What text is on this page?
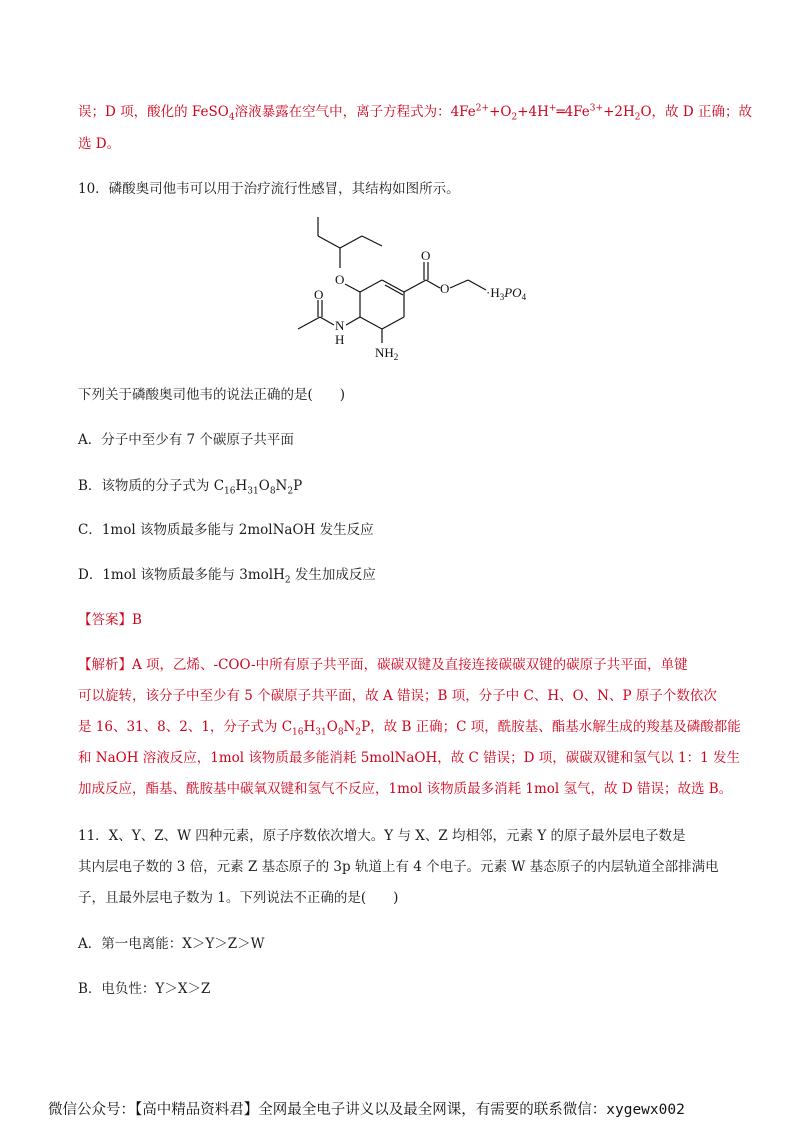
误；D 项，酸化的 FeSO$_4$溶液暴露在空气中，离子方程式为：$4Fe^{2+}+O_2+4H^+═4Fe^{3+}+2H_2O$，故 D 正确；故
选 D。
10．磷酸奥司他韦可以用于治疗流行性感冒，其结构如图所示。
O
O
O
O
N
H
$NH_2$
$\cdot H_3PO_4$
下列关于磷酸奥司他韦的说法正确的是(　　)
A．分子中至少有 7 个碳原子共平面
B．该物质的分子式为 $C_{16}H_{31}O_8N_2P$
C．1mol 该物质最多能与 2molNaOH 发生反应
D．1mol 该物质最多能与 3molH$_2$ 发生加成反应
【答案】B
【解析】A 项，乙烯、-COO-中所有原子共平面，碳碳双键及直接连接碳碳双键的碳原子共平面，单键
可以旋转，该分子中至少有 5 个碳原子共平面，故 A 错误；B 项，分子中 C、H、O、N、P 原子个数依次
是 16、31、8、2、1，分子式为 $C_{16}H_{31}O_8N_2P$，故 B 正确；C 项，酰胺基、酯基水解生成的羧基及磷酸都能
和 NaOH 溶液反应，1mol 该物质最多能消耗 5molNaOH，故 C 错误；D 项，碳碳双键和氢气以 1：1 发生
加成反应，酯基、酰胺基中碳氧双键和氢气不反应，1mol 该物质最多消耗 1mol 氢气，故 D 错误；故选 B。
11．X、Y、Z、W 四种元素，原子序数依次增大。Y 与 X、Z 均相邻，元素 Y 的原子最外层电子数是
其内层电子数的 3 倍，元素 Z 基态原子的 3p 轨道上有 4 个电子。元素 W 基态原子的内层轨道全部排满电
子，且最外层电子数为 1。下列说法不正确的是(　　)
A．第一电离能：X＞Y＞Z＞W
B．电负性：Y＞X＞Z
微信公众号：【高中精品资料君】全网最全电子讲义以及最全网课，有需要的联系微信：xygewx002
